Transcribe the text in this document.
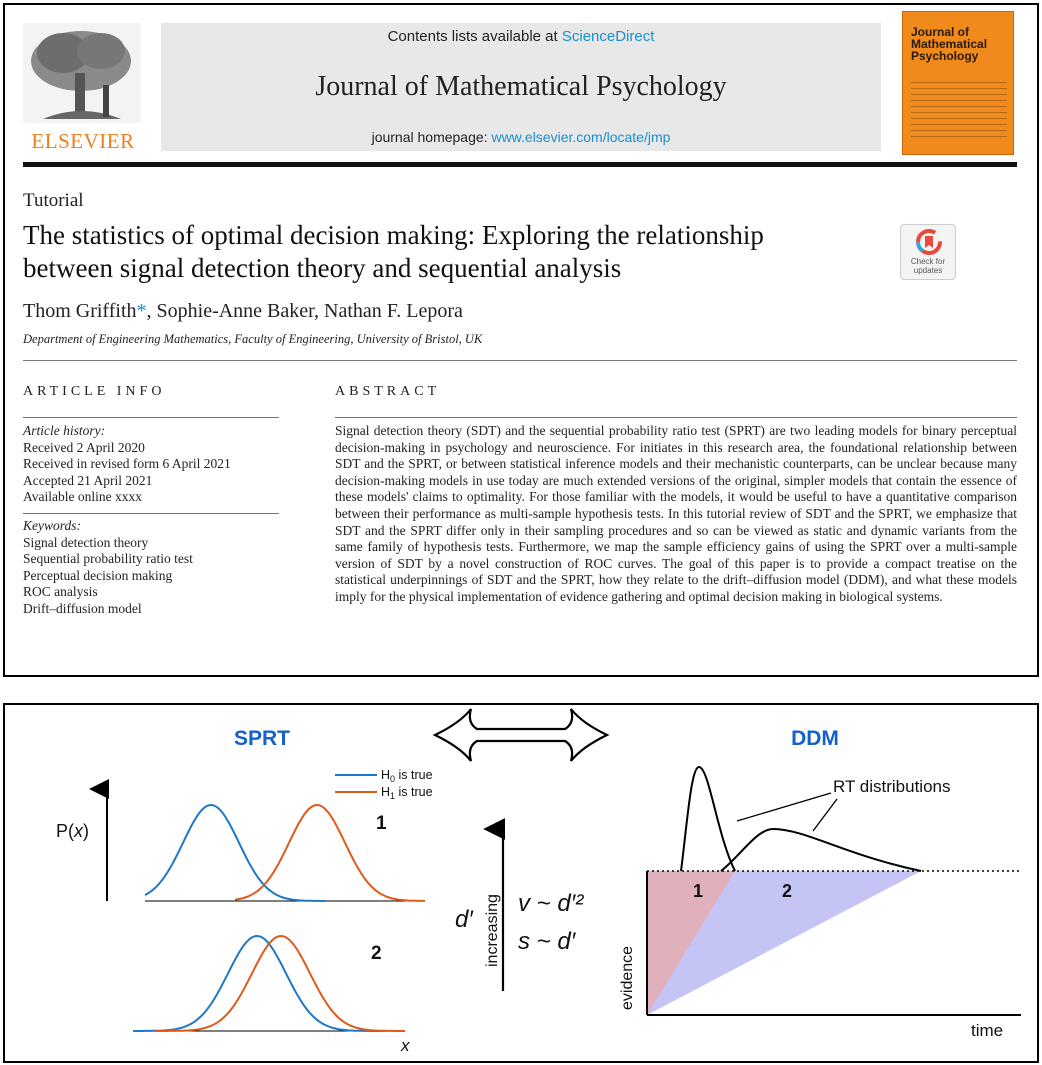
ELSEVIER
Contents lists available at ScienceDirect
Journal of Mathematical Psychology
journal homepage: www.elsevier.com/locate/jmp
Journal of
Mathematical
Psychology
Tutorial
The statistics of optimal decision making: Exploring the relationship
between signal detection theory and sequential analysis	Check for
updates
Thom Griffith*, Sophie-Anne Baker, Nathan F. Lepora
Department of Engineering Mathematics, Faculty of Engineering, University of Bristol, UK
ARTICLE INFO	ABSTRACT
Article history:
Received 2 April 2020
Received in revised form 6 April 2021
Accepted 21 April 2021
Available online xxxx
Keywords:
Signal detection theory
Sequential probability ratio test
Perceptual decision making
ROC analysis
Drift–diffusion model
Signal detection theory (SDT) and the sequential probability ratio test (SPRT) are two leading models for binary perceptual decision-making in psychology and neuroscience. For initiates in this research area, the foundational relationship between SDT and the SPRT, or between statistical inference models and their mechanistic counterparts, can be unclear because many decision-making models in use today are much extended versions of the original, simpler models that contain the essence of these models' claims to optimality. For those familiar with the models, it would be useful to have a quantitative comparison between their performance as multi-sample hypothesis tests. In this tutorial review of SDT and the SPRT, we emphasize that SDT and the SPRT differ only in their sampling procedures and so can be viewed as static and dynamic variants from the same family of hypothesis tests. Furthermore, we map the sample efficiency gains of using the SPRT over a multi-sample version of SDT by a novel construction of ROC curves. The goal of this paper is to provide a compact treatise on the statistical underpinnings of SDT and the SPRT, how they relate to the drift–diffusion model (DDM), and what these models imply for the physical implementation of evidence gathering and optimal decision making in biological systems.
SPRT	DDM
$H_0$ is true
$H_1$ is true
P(x)	1
2
x
increasing
d′
v ~ d′²
s ~ d′
RT distributions
1	2
evidence
time
